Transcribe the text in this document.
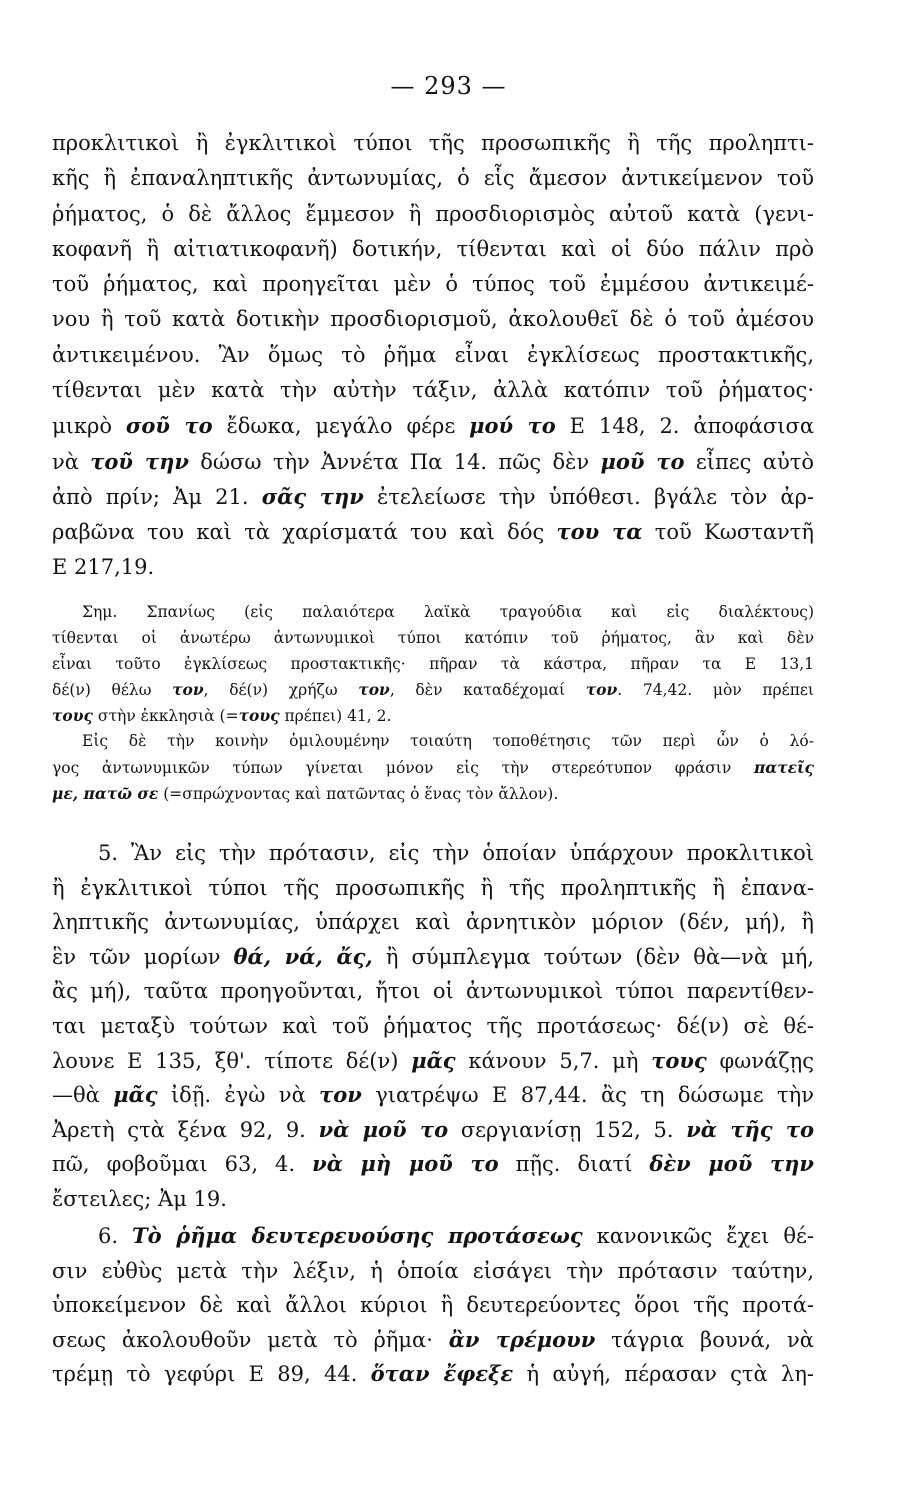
— 293 —
προκλιτικοὶ ἢ ἐγκλιτικοὶ τύποι τῆς προσωπικῆς ἢ τῆς προληπτι-
κῆς ἢ ἐπαναληπτικῆς ἀντωνυμίας, ὁ εἷς ἄμεσον ἀντικείμενον τοῦ
ῥήματος, ὁ δὲ ἄλλος ἔμμεσον ἢ προσδιορισμὸς αὐτοῦ κατὰ (γενι-
κοφανῆ ἢ αἰτιατικοφανῆ) δοτικήν, τίθενται καὶ οἱ δύο πάλιν πρὸ
τοῦ ῥήματος, καὶ προηγεῖται μὲν ὁ τύπος τοῦ ἐμμέσου ἀντικειμέ-
νου ἢ τοῦ κατὰ δοτικὴν προσδιορισμοῦ, ἀκολουθεῖ δὲ ὁ τοῦ ἀμέσου
ἀντικειμένου. Ἂν ὅμως τὸ ῥῆμα εἶναι ἐγκλίσεως προστακτικῆς,
τίθενται μὲν κατὰ τὴν αὐτὴν τάξιν, ἀλλὰ κατόπιν τοῦ ῥήματος·
μικρὸ σοῦ το ἔδωκα, μεγάλο φέρε μού το Ε 148, 2. ἀποφάσισα
νὰ τοῦ την δώσω τὴν Ἀννέτα Πα 14. πῶς δὲν μοῦ το εἶπες αὐτὸ
ἀπὸ πρίν; Ἀμ 21. σᾶς την ἐτελείωσε τὴν ὑπόθεσι. βγάλε τὸν ἀρ-
ραβῶνα του καὶ τὰ χαρίσματά του καὶ δός του τα τοῦ Κωσταντῆ
Ε 217,19.
Σημ. Σπανίως (εἰς παλαιότερα λαϊκὰ τραγούδια καὶ εἰς διαλέκτους)
τίθενται οἱ ἀνωτέρω ἀντωνυμικοὶ τύποι κατόπιν τοῦ ῥήματος, ἂν καὶ δὲν
εἶναι τοῦτο ἐγκλίσεως προστακτικῆς· πῆραν τὰ κάστρα, πῆραν τα Ε 13,1
δέ(ν) θέλω τον, δέ(ν) χρήζω τον, δὲν καταδέχομαί τον. 74,42. μὸν πρέπει
τους στὴν ἐκκλησιὰ (=τους πρέπει) 41, 2.
Εἰς δὲ τὴν κοινὴν ὁμιλουμένην τοιαύτη τοποθέτησις τῶν περὶ ὧν ὁ λό-
γος ἀντωνυμικῶν τύπων γίνεται μόνον εἰς τὴν στερεότυπον φράσιν πατεῖς
με, πατῶ σε (=σπρώχνοντας καὶ πατῶντας ὁ ἕνας τὸν ἄλλον).
5. Ἂν εἰς τὴν πρότασιν, εἰς τὴν ὁποίαν ὑπάρχουν προκλιτικοὶ
ἢ ἐγκλιτικοὶ τύποι τῆς προσωπικῆς ἢ τῆς προληπτικῆς ἢ ἐπανα-
ληπτικῆς ἀντωνυμίας, ὑπάρχει καὶ ἀρνητικὸν μόριον (δέν, μή), ἢ
ἓν τῶν μορίων θά, νά, ἄς, ἢ σύμπλεγμα τούτων (δὲν θὰ—νὰ μή,
ἂς μή), ταῦτα προηγοῦνται, ἤτοι οἱ ἀντωνυμικοὶ τύποι παρεντίθεν-
ται μεταξὺ τούτων καὶ τοῦ ῥήματος τῆς προτάσεως· δέ(ν) σὲ θέ-
λουνε Ε 135, ξθ'. τίποτε δέ(ν) μᾶς κάνουν 5,7. μὴ τους φωνάζῃς
—θὰ μᾶς ἰδῇ. ἐγὼ νὰ τον γιατρέψω Ε 87,44. ἂς τη δώσωμε τὴν
Ἀρετὴ ςτὰ ξένα 92, 9. νὰ μοῦ το σεργιανίσῃ 152, 5. νὰ τῆς το
πῶ, φοβοῦμαι 63, 4. νὰ μὴ μοῦ το πῇς. διατί δὲν μοῦ την
ἔστειλες; Ἀμ 19.
6. Τὸ ῥῆμα δευτερευούσης προτάσεως κανονικῶς ἔχει θέ-
σιν εὐθὺς μετὰ τὴν λέξιν, ἡ ὁποία εἰσάγει τὴν πρότασιν ταύτην,
ὑποκείμενον δὲ καὶ ἄλλοι κύριοι ἢ δευτερεύοντες ὅροι τῆς προτά-
σεως ἀκολουθοῦν μετὰ τὸ ῥῆμα· ἂν τρέμουν τάγρια βουνά, νὰ
τρέμῃ τὸ γεφύρι Ε 89, 44. ὅταν ἔφεξε ἡ αὐγή, πέρασαν ςτὰ λη-
